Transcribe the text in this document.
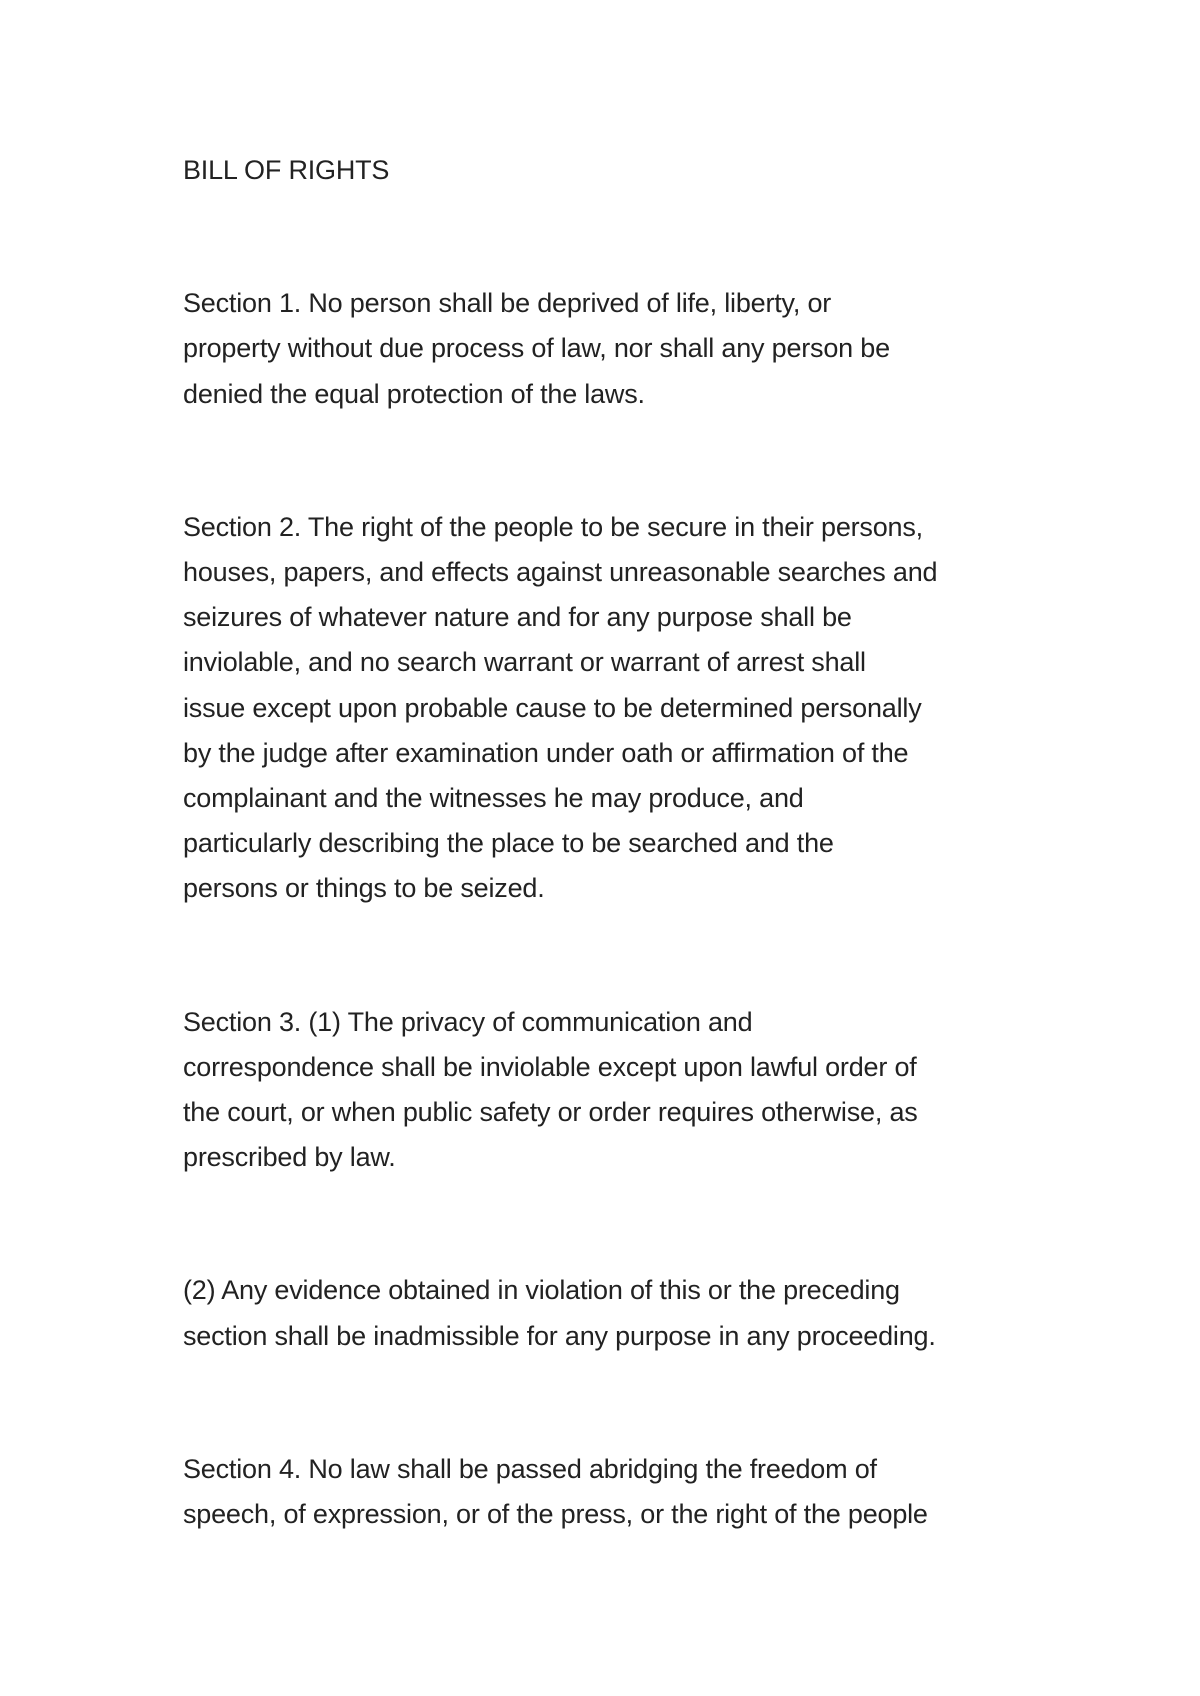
BILL OF RIGHTS

Section 1. No person shall be deprived of life, liberty, or
property without due process of law, nor shall any person be
denied the equal protection of the laws.

Section 2. The right of the people to be secure in their persons,
houses, papers, and effects against unreasonable searches and
seizures of whatever nature and for any purpose shall be
inviolable, and no search warrant or warrant of arrest shall
issue except upon probable cause to be determined personally
by the judge after examination under oath or affirmation of the
complainant and the witnesses he may produce, and
particularly describing the place to be searched and the
persons or things to be seized.

Section 3. (1) The privacy of communication and
correspondence shall be inviolable except upon lawful order of
the court, or when public safety or order requires otherwise, as
prescribed by law.

(2) Any evidence obtained in violation of this or the preceding
section shall be inadmissible for any purpose in any proceeding.

Section 4. No law shall be passed abridging the freedom of
speech, of expression, or of the press, or the right of the people
